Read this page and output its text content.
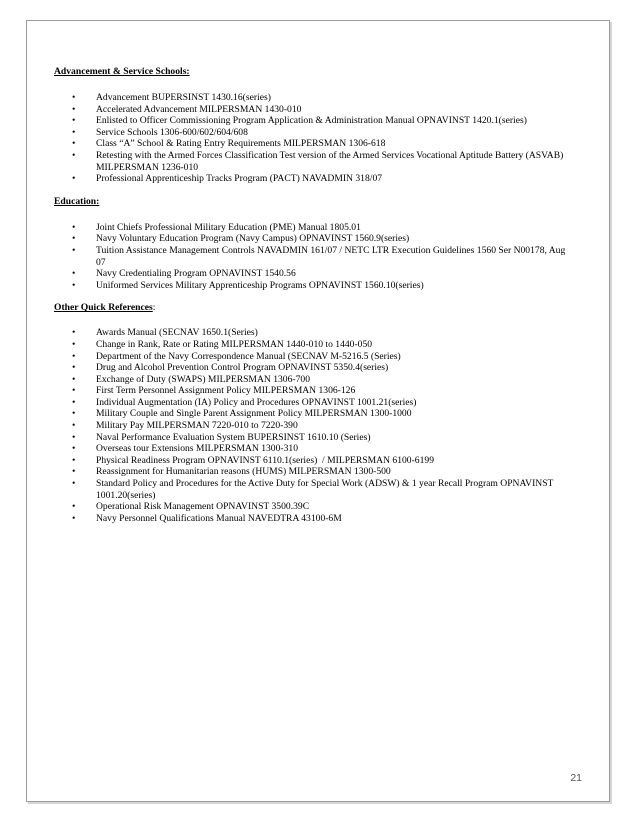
Advancement & Service Schools:

• Advancement BUPERSINST 1430.16(series)
• Accelerated Advancement MILPERSMAN 1430-010
• Enlisted to Officer Commissioning Program Application & Administration Manual OPNAVINST 1420.1(series)
• Service Schools 1306-600/602/604/608
• Class “A” School & Rating Entry Requirements MILPERSMAN 1306-618
• Retesting with the Armed Forces Classification Test version of the Armed Services Vocational Aptitude Battery (ASVAB) MILPERSMAN 1236-010
• Professional Apprenticeship Tracks Program (PACT) NAVADMIN 318/07

Education:

• Joint Chiefs Professional Military Education (PME) Manual 1805.01
• Navy Voluntary Education Program (Navy Campus) OPNAVINST 1560.9(series)
• Tuition Assistance Management Controls NAVADMIN 161/07 / NETC LTR Execution Guidelines 1560 Ser N00178, Aug 07
• Navy Credentialing Program OPNAVINST 1540.56
• Uniformed Services Military Apprenticeship Programs OPNAVINST 1560.10(series)

Other Quick References:

• Awards Manual (SECNAV 1650.1(Series)
• Change in Rank, Rate or Rating MILPERSMAN 1440-010 to 1440-050
• Department of the Navy Correspondence Manual (SECNAV M-5216.5 (Series)
• Drug and Alcohol Prevention Control Program OPNAVINST 5350.4(series)
• Exchange of Duty (SWAPS) MILPERSMAN 1306-700
• First Term Personnel Assignment Policy MILPERSMAN 1306-126
• Individual Augmentation (IA) Policy and Procedures OPNAVINST 1001.21(series)
• Military Couple and Single Parent Assignment Policy MILPERSMAN 1300-1000
• Military Pay MILPERSMAN 7220-010 to 7220-390
• Naval Performance Evaluation System BUPERSINST 1610.10 (Series)
• Overseas tour Extensions MILPERSMAN 1300-310
• Physical Readiness Program OPNAVINST 6110.1(series)  / MILPERSMAN 6100-6199
• Reassignment for Humanitarian reasons (HUMS) MILPERSMAN 1300-500
• Standard Policy and Procedures for the Active Duty for Special Work (ADSW) & 1 year Recall Program OPNAVINST 1001.20(series)
• Operational Risk Management OPNAVINST 3500.39C
• Navy Personnel Qualifications Manual NAVEDTRA 43100-6M
21
